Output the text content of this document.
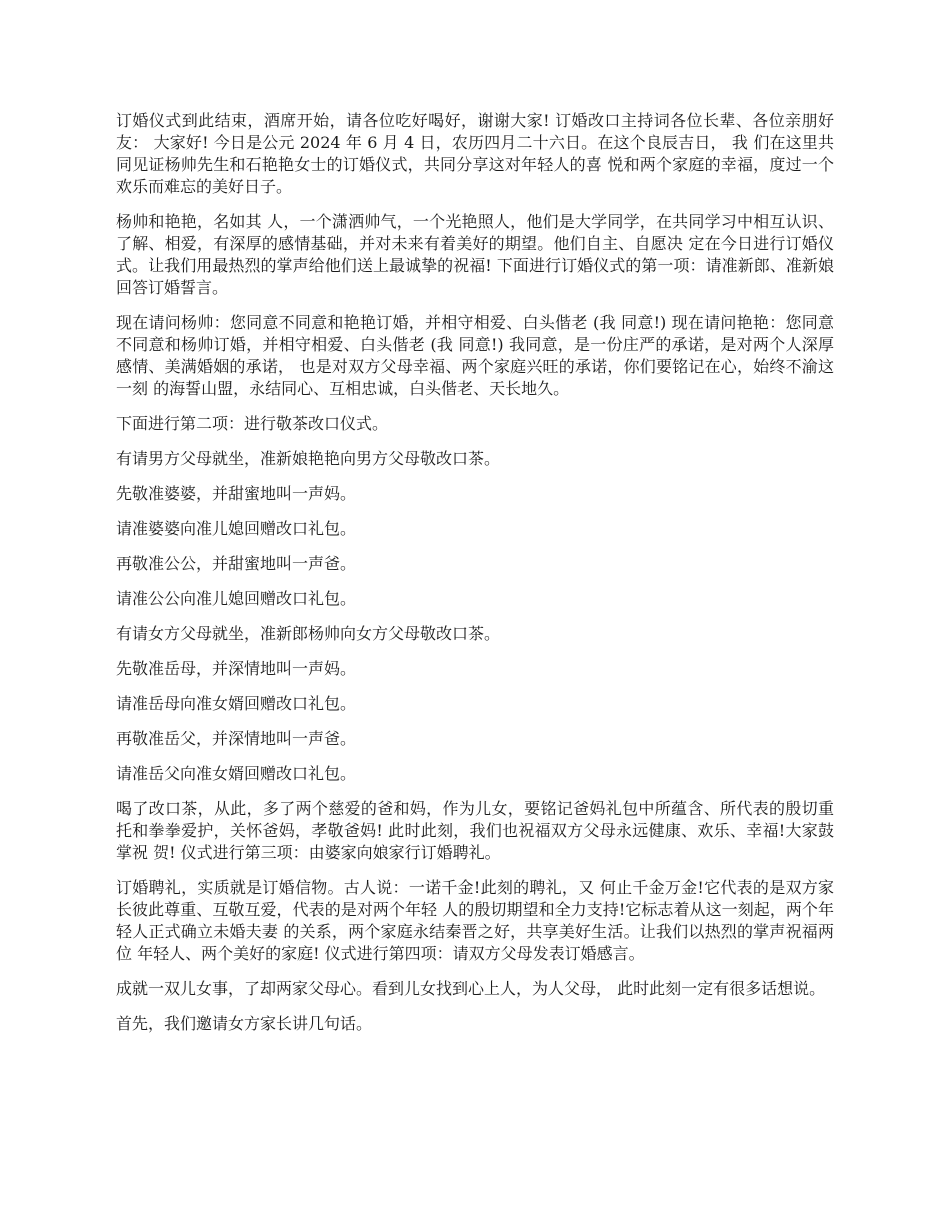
订婚仪式到此结束，酒席开始，请各位吃好喝好，谢谢大家! 订婚改口主持词各位长辈、各位亲朋好友： 大家好! 今日是公元 2024 年 6 月 4 日，农历四月二十六日。在这个良辰吉日， 我 们在这里共同见证杨帅先生和石艳艳女士的订婚仪式，共同分享这对年轻人的喜 悦和两个家庭的幸福，度过一个欢乐而难忘的美好日子。

杨帅和艳艳，名如其 人，一个潇洒帅气，一个光艳照人，他们是大学同学，在共同学习中相互认识、 了解、相爱，有深厚的感情基础，并对未来有着美好的期望。他们自主、自愿决 定在今日进行订婚仪式。让我们用最热烈的掌声给他们送上最诚挚的祝福! 下面进行订婚仪式的第一项：请准新郎、准新娘回答订婚誓言。

现在请问杨帅：您同意不同意和艳艳订婚，并相守相爱、白头偕老 (我 同意!) 现在请问艳艳：您同意不同意和杨帅订婚，并相守相爱、白头偕老 (我 同意!) 我同意，是一份庄严的承诺，是对两个人深厚感情、美满婚姻的承诺， 也是对双方父母幸福、两个家庭兴旺的承诺，你们要铭记在心，始终不渝这一刻 的海誓山盟，永结同心、互相忠诚，白头偕老、天长地久。

下面进行第二项：进行敬茶改口仪式。

有请男方父母就坐，准新娘艳艳向男方父母敬改口茶。

先敬准婆婆，并甜蜜地叫一声妈。

请准婆婆向准儿媳回赠改口礼包。

再敬准公公，并甜蜜地叫一声爸。

请准公公向准儿媳回赠改口礼包。

有请女方父母就坐，准新郎杨帅向女方父母敬改口茶。

先敬准岳母，并深情地叫一声妈。

请准岳母向准女婿回赠改口礼包。

再敬准岳父，并深情地叫一声爸。

请准岳父向准女婿回赠改口礼包。

喝了改口茶，从此，多了两个慈爱的爸和妈，作为儿女，要铭记爸妈礼包中所蕴含、所代表的殷切重托和拳拳爱护，关怀爸妈，孝敬爸妈! 此时此刻，我们也祝福双方父母永远健康、欢乐、幸福!大家鼓掌祝 贺! 仪式进行第三项：由婆家向娘家行订婚聘礼。

订婚聘礼，实质就是订婚信物。古人说：一诺千金!此刻的聘礼，又 何止千金万金!它代表的是双方家长彼此尊重、互敬互爱，代表的是对两个年轻 人的殷切期望和全力支持!它标志着从这一刻起，两个年轻人正式确立未婚夫妻 的关系，两个家庭永结秦晋之好，共享美好生活。让我们以热烈的掌声祝福两位 年轻人、两个美好的家庭! 仪式进行第四项：请双方父母发表订婚感言。

成就一双儿女事，了却两家父母心。看到儿女找到心上人，为人父母， 此时此刻一定有很多话想说。

首先，我们邀请女方家长讲几句话。
